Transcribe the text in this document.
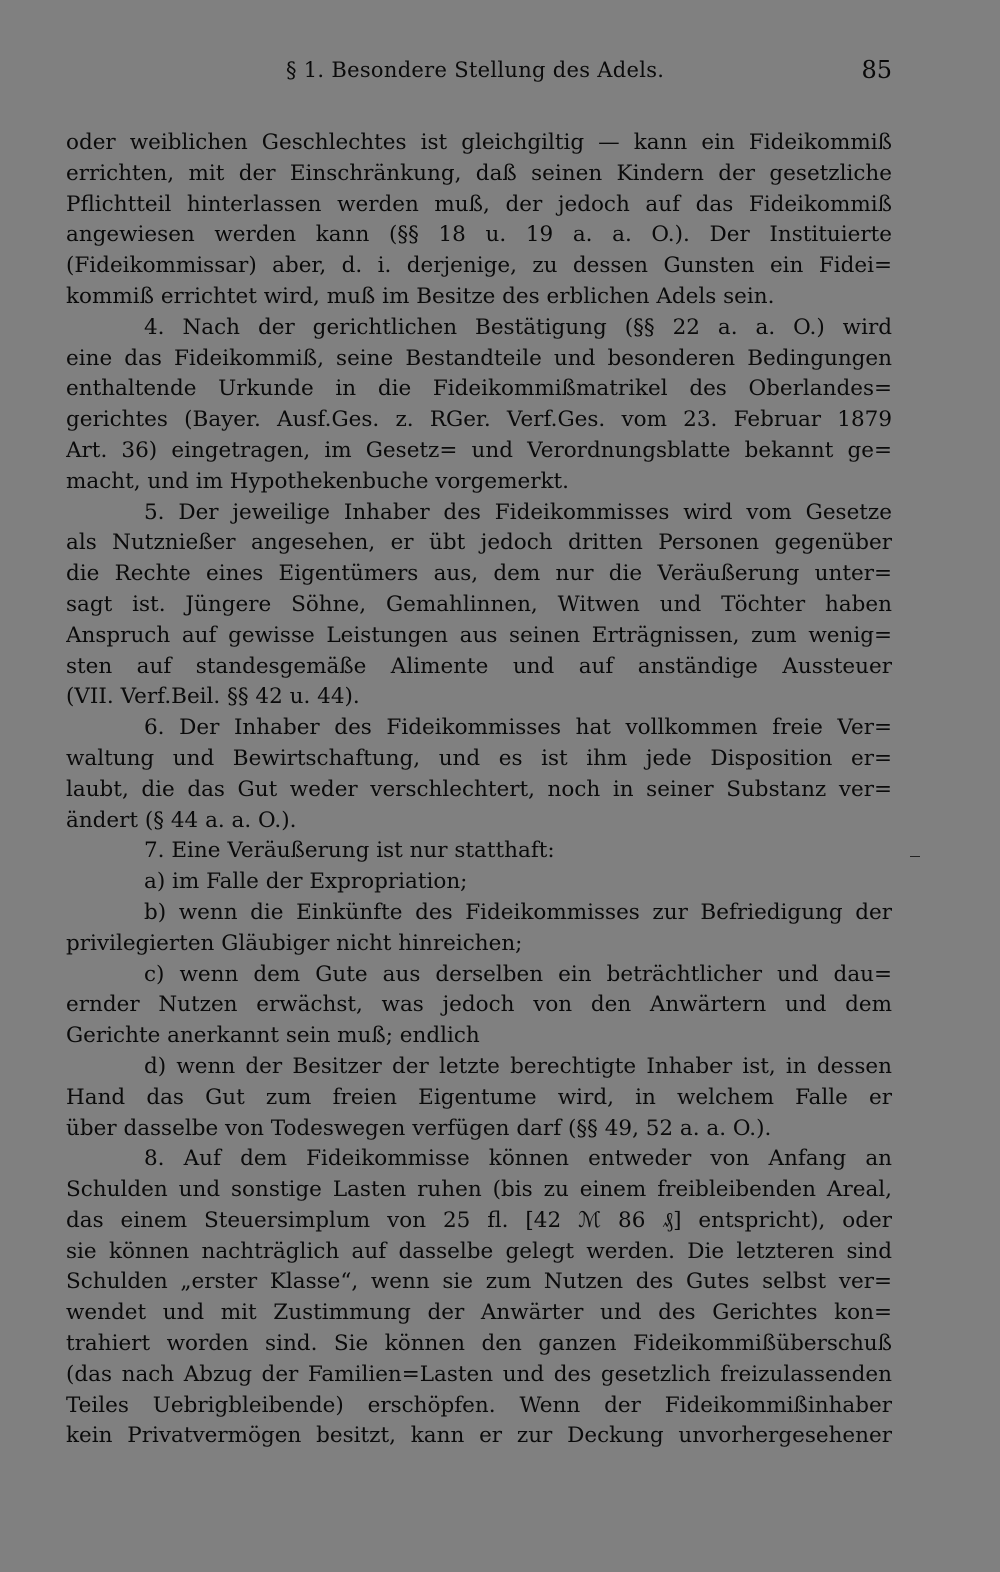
§ 1. Besondere Stellung des Adels.	85
oder weiblichen Geschlechtes ist gleichgiltig — kann ein Fideikommiß
errichten, mit der Einschränkung, daß seinen Kindern der gesetzliche
Pflichtteil hinterlassen werden muß, der jedoch auf das Fideikommiß
angewiesen werden kann (§§ 18 u. 19 a. a. O.). Der Instituierte
(Fideikommissar) aber, d. i. derjenige, zu dessen Gunsten ein Fidei=
kommiß errichtet wird, muß im Besitze des erblichen Adels sein.
4. Nach der gerichtlichen Bestätigung (§§ 22 a. a. O.) wird
eine das Fideikommiß, seine Bestandteile und besonderen Bedingungen
enthaltende Urkunde in die Fideikommißmatrikel des Oberlandes=
gerichtes (Bayer. Ausf.Ges. z. RGer. Verf.Ges. vom 23. Februar 1879
Art. 36) eingetragen, im Gesetz= und Verordnungsblatte bekannt ge=
macht, und im Hypothekenbuche vorgemerkt.
5. Der jeweilige Inhaber des Fideikommisses wird vom Gesetze
als Nutznießer angesehen, er übt jedoch dritten Personen gegenüber
die Rechte eines Eigentümers aus, dem nur die Veräußerung unter=
sagt ist. Jüngere Söhne, Gemahlinnen, Witwen und Töchter haben
Anspruch auf gewisse Leistungen aus seinen Erträgnissen, zum wenig=
sten auf standesgemäße Alimente und auf anständige Aussteuer
(VII. Verf.Beil. §§ 42 u. 44).
6. Der Inhaber des Fideikommisses hat vollkommen freie Ver=
waltung und Bewirtschaftung, und es ist ihm jede Disposition er=
laubt, die das Gut weder verschlechtert, noch in seiner Substanz ver=
ändert (§ 44 a. a. O.).
7. Eine Veräußerung ist nur statthaft:
a) im Falle der Expropriation;
b) wenn die Einkünfte des Fideikommisses zur Befriedigung der
privilegierten Gläubiger nicht hinreichen;
c) wenn dem Gute aus derselben ein beträchtlicher und dau=
ernder Nutzen erwächst, was jedoch von den Anwärtern und dem
Gerichte anerkannt sein muß; endlich
d) wenn der Besitzer der letzte berechtigte Inhaber ist, in dessen
Hand das Gut zum freien Eigentume wird, in welchem Falle er
über dasselbe von Todeswegen verfügen darf (§§ 49, 52 a. a. O.).
8. Auf dem Fideikommisse können entweder von Anfang an
Schulden und sonstige Lasten ruhen (bis zu einem freibleibenden Areal,
das einem Steuersimplum von 25 fl. [42 ℳ 86 ₰] entspricht), oder
sie können nachträglich auf dasselbe gelegt werden. Die letzteren sind
Schulden „erster Klasse“, wenn sie zum Nutzen des Gutes selbst ver=
wendet und mit Zustimmung der Anwärter und des Gerichtes kon=
trahiert worden sind. Sie können den ganzen Fideikommißüberschuß
(das nach Abzug der Familien=Lasten und des gesetzlich freizulassenden
Teiles Uebrigbleibende) erschöpfen. Wenn der Fideikommißinhaber
kein Privatvermögen besitzt, kann er zur Deckung unvorhergesehener
